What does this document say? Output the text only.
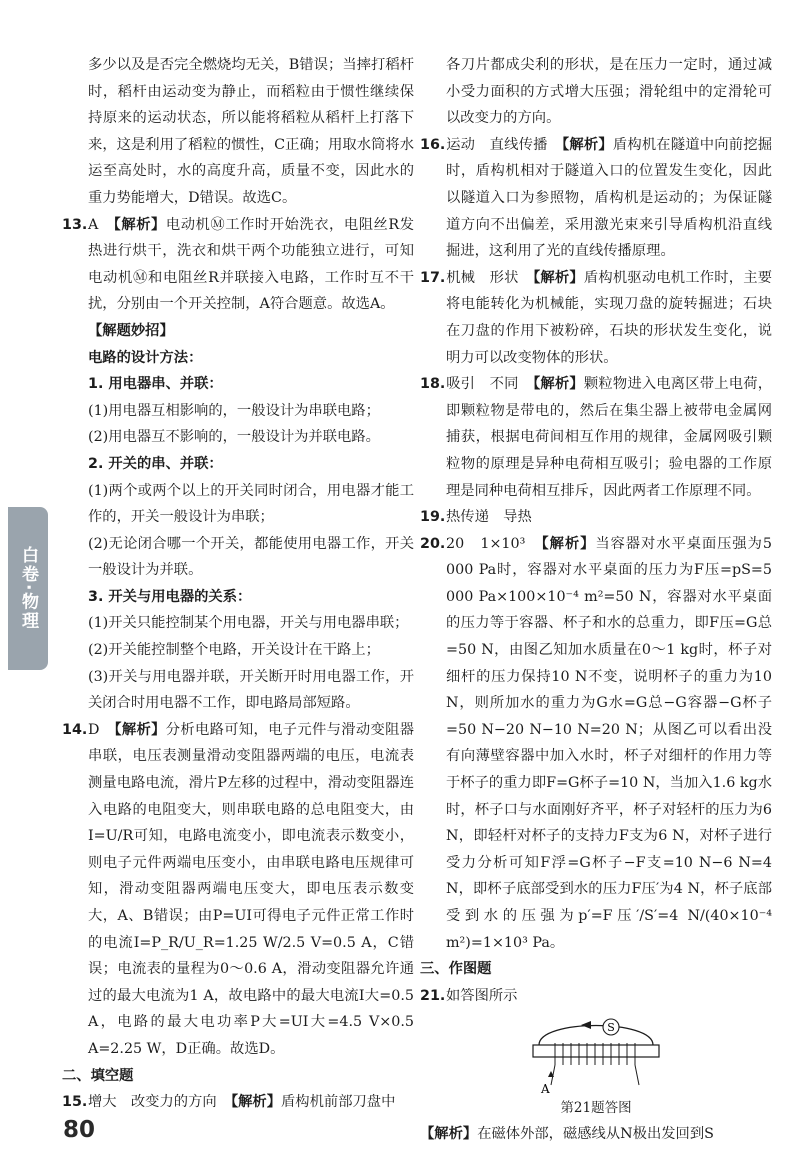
白卷·物理

多少以及是否完全燃烧均无关，B错误；当摔打稻杆时，稻杆由运动变为静止，而稻粒由于惯性继续保持原来的运动状态，所以能将稻粒从稻杆上打落下来，这是利用了稻粒的惯性，C正确；用取水筒将水运至高处时，水的高度升高，质量不变，因此水的重力势能增大，D错误。故选C。

13.A　【解析】电动机Ⓜ工作时开始洗衣，电阻丝R发热进行烘干，洗衣和烘干两个功能独立进行，可知电动机Ⓜ和电阻丝R并联接入电路，工作时互不干扰，分别由一个开关控制，A符合题意。故选A。

【解题妙招】

电路的设计方法：

1. 用电器串、并联：

(1)用电器互相影响的，一般设计为串联电路；

(2)用电器互不影响的，一般设计为并联电路。

2. 开关的串、并联：

(1)两个或两个以上的开关同时闭合，用电器才能工作的，开关一般设计为串联；

(2)无论闭合哪一个开关，都能使用电器工作，开关一般设计为并联。

3. 开关与用电器的关系：

(1)开关只能控制某个用电器，开关与用电器串联；

(2)开关能控制整个电路，开关设计在干路上；

(3)开关与用电器并联，开关断开时用电器工作，开关闭合时用电器不工作，即电路局部短路。

14.D　【解析】分析电路可知，电子元件与滑动变阻器串联，电压表测量滑动变阻器两端的电压，电流表测量电路电流，滑片P左移的过程中，滑动变阻器连入电路的电阻变大，则串联电路的总电阻变大，由I=U/R可知，电路电流变小，即电流表示数变小，则电子元件两端电压变小，由串联电路电压规律可知，滑动变阻器两端电压变大，即电压表示数变大，A、B错误；由P=UI可得电子元件正常工作时的电流I=P_R/U_R=1.25 W/2.5 V=0.5 A，C错误；电流表的量程为0～0.6 A，滑动变阻器允许通过的最大电流为1 A，故电路中的最大电流I大=0.5 A，电路的最大电功率P大=UI大=4.5 V×0.5 A=2.25 W，D正确。故选D。

二、填空题

15.增大　改变力的方向　【解析】盾构机前部刀盘中

各刀片都成尖利的形状，是在压力一定时，通过减小受力面积的方式增大压强；滑轮组中的定滑轮可以改变力的方向。

16.运动　直线传播　【解析】盾构机在隧道中向前挖掘时，盾构机相对于隧道入口的位置发生变化，因此以隧道入口为参照物，盾构机是运动的；为保证隧道方向不出偏差，采用激光束来引导盾构机沿直线掘进，这利用了光的直线传播原理。

17.机械　形状　【解析】盾构机驱动电机工作时，主要将电能转化为机械能，实现刀盘的旋转掘进；石块在刀盘的作用下被粉碎，石块的形状发生变化，说明力可以改变物体的形状。

18.吸引　不同　【解析】颗粒物进入电离区带上电荷，即颗粒物是带电的，然后在集尘器上被带电金属网捕获，根据电荷间相互作用的规律，金属网吸引颗粒物的原理是异种电荷相互吸引；验电器的工作原理是同种电荷相互排斥，因此两者工作原理不同。

19.热传递　导热　

20.20　1×10³　【解析】当容器对水平桌面压强为5 000 Pa时，容器对水平桌面的压力为F压=pS=5 000 Pa×100×10⁻⁴ m²=50 N，容器对水平桌面的压力等于容器、杯子和水的总重力，即F压=G总=50 N，由图乙知加水质量在0～1 kg时，杯子对细杆的压力保持10 N不变，说明杯子的重力为10 N，则所加水的重力为G水=G总−G容器−G杯子=50 N−20 N−10 N=20 N；从图乙可以看出没有向薄壁容器中加入水时，杯子对细杆的作用力等于杯子的重力即F=G杯子=10 N，当加入1.6 kg水时，杯子口与水面刚好齐平，杯子对轻杆的压力为6 N，即轻杆对杯子的支持力F支为6 N，对杯子进行受力分析可知F浮=G杯子−F支=10 N−6 N=4 N，即杯子底部受到水的压力F压′为4 N，杯子底部受到水的压强为p′=F压′/S′=4 N/(40×10⁻⁴ m²)=1×10³ Pa。

三、作图题

21.如答图所示　

S
A
第21题答图

【解析】在磁体外部，磁感线从N极出发回到S

80
